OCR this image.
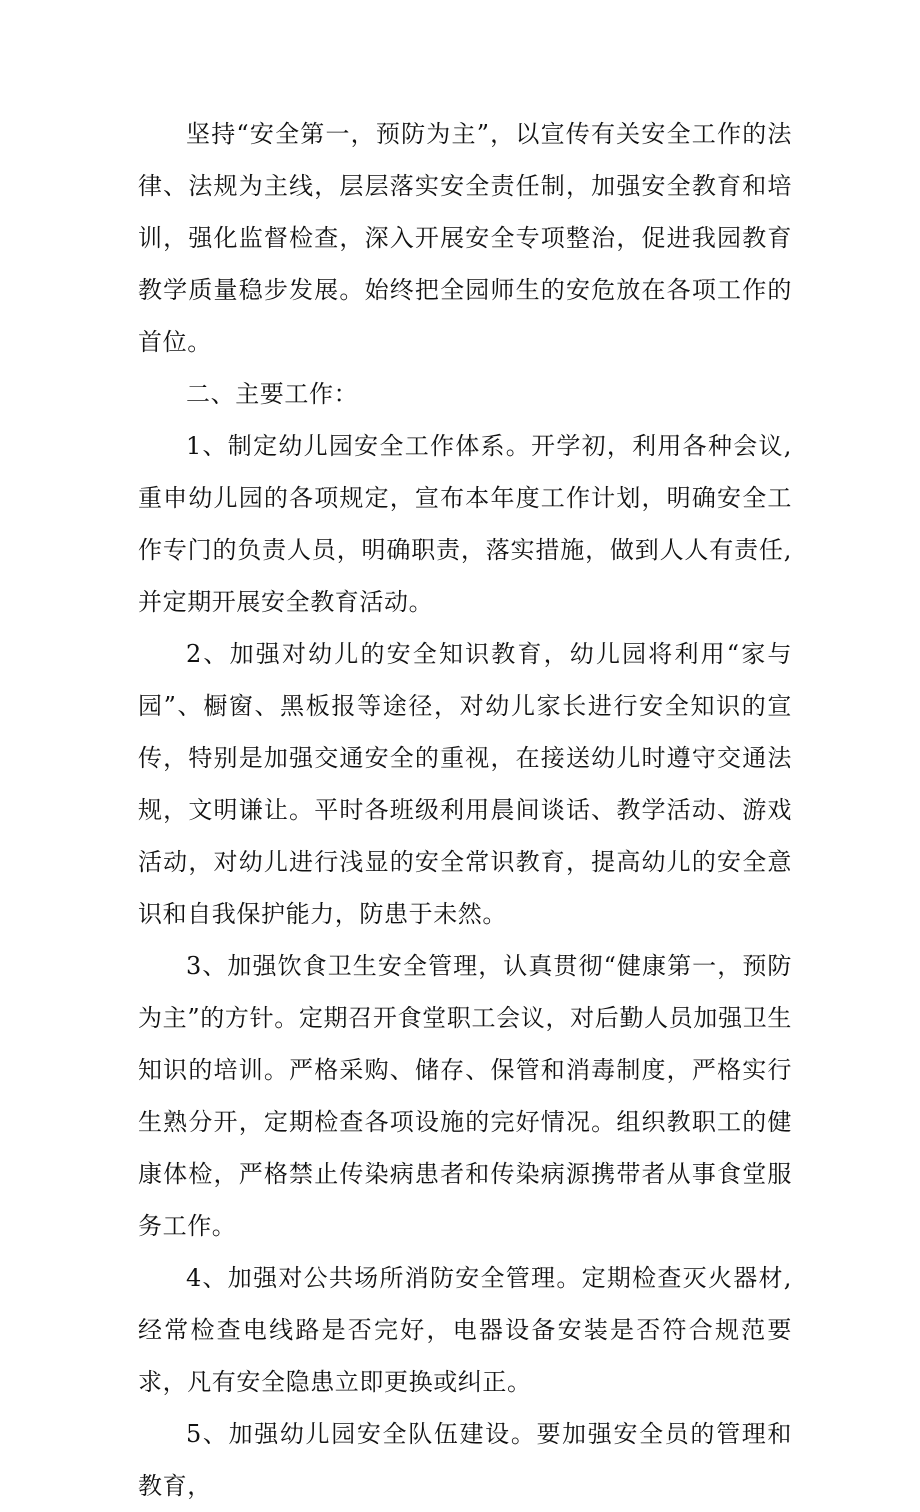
坚持“安全第一，预防为主”，以宣传有关安全工作的法律、法规为主线，层层落实安全责任制，加强安全教育和培训，强化监督检查，深入开展安全专项整治，促进我园教育教学质量稳步发展。始终把全园师生的安危放在各项工作的首位。

二、主要工作：

1、制定幼儿园安全工作体系。开学初，利用各种会议,重申幼儿园的各项规定，宣布本年度工作计划，明确安全工作专门的负责人员，明确职责，落实措施，做到人人有责任,并定期开展安全教育活动。

2、加强对幼儿的安全知识教育，幼儿园将利用“家与园”、橱窗、黑板报等途径，对幼儿家长进行安全知识的宣传，特别是加强交通安全的重视，在接送幼儿时遵守交通法规，文明谦让。平时各班级利用晨间谈话、教学活动、游戏活动，对幼儿进行浅显的安全常识教育，提高幼儿的安全意识和自我保护能力，防患于未然。

3、加强饮食卫生安全管理，认真贯彻“健康第一，预防为主”的方针。定期召开食堂职工会议，对后勤人员加强卫生知识的培训。严格采购、储存、保管和消毒制度，严格实行生熟分开，定期检查各项设施的完好情况。组织教职工的健康体检，严格禁止传染病患者和传染病源携带者从事食堂服务工作。

4、加强对公共场所消防安全管理。定期检查灭火器材,经常检查电线路是否完好，电器设备安装是否符合规范要求，凡有安全隐患立即更换或纠正。

5、加强幼儿园安全队伍建设。要加强安全员的管理和教育，
